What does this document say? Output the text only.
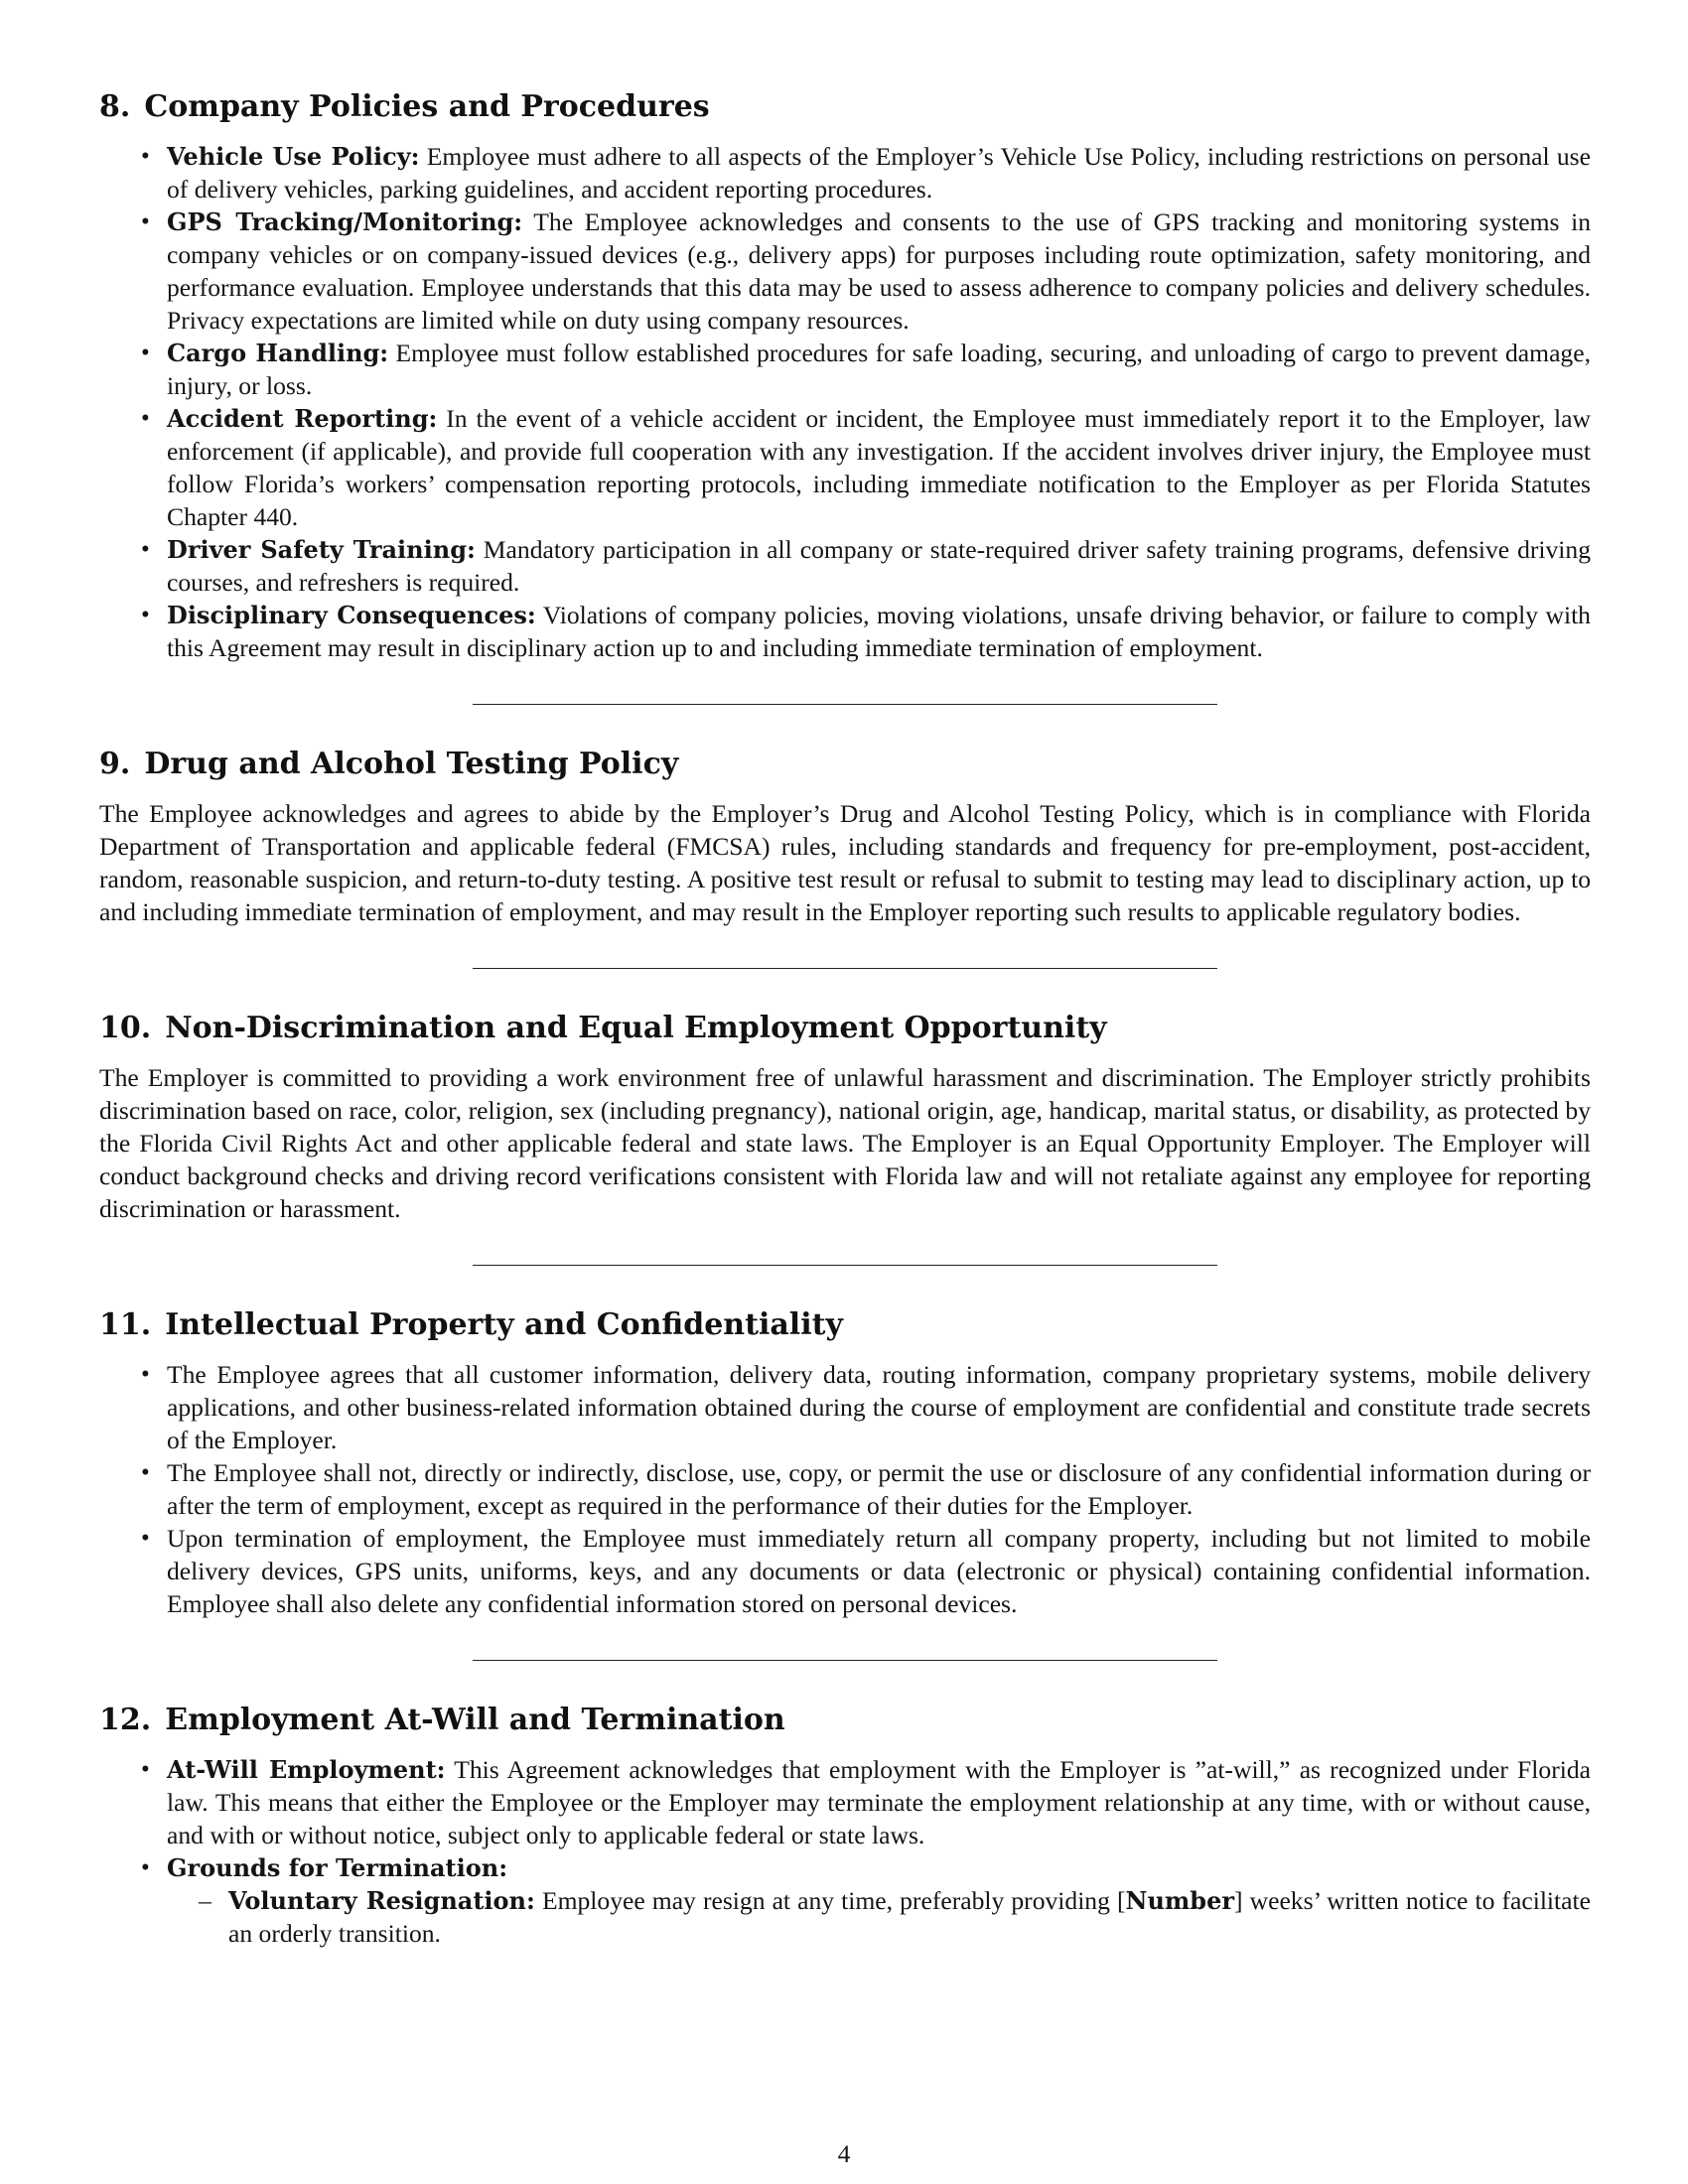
8. Company Policies and Procedures
• Vehicle Use Policy: Employee must adhere to all aspects of the Employer’s Vehicle Use Policy, including restrictions on personal use of delivery vehicles, parking guidelines, and accident reporting procedures.
• GPS Tracking/Monitoring: The Employee acknowledges and consents to the use of GPS tracking and monitoring systems in company vehicles or on company-issued devices (e.g., delivery apps) for purposes including route optimization, safety monitoring, and performance evaluation. Employee understands that this data may be used to assess adherence to company policies and delivery schedules. Privacy expectations are limited while on duty using company resources.
• Cargo Handling: Employee must follow established procedures for safe loading, securing, and unloading of cargo to prevent damage, injury, or loss.
• Accident Reporting: In the event of a vehicle accident or incident, the Employee must immediately report it to the Employer, law enforcement (if applicable), and provide full cooperation with any investigation. If the accident involves driver injury, the Employee must follow Florida’s workers’ compensation reporting protocols, including immediate notification to the Employer as per Florida Statutes Chapter 440.
• Driver Safety Training: Mandatory participation in all company or state-required driver safety training programs, defensive driving courses, and refreshers is required.
• Disciplinary Consequences: Violations of company policies, moving violations, unsafe driving behavior, or failure to comply with this Agreement may result in disciplinary action up to and including immediate termination of employment.
9. Drug and Alcohol Testing Policy

The Employee acknowledges and agrees to abide by the Employer’s Drug and Alcohol Testing Policy, which is in compliance with Florida Department of Transportation and applicable federal (FMCSA) rules, including standards and frequency for pre-employment, post-accident, random, reasonable suspicion, and return-to-duty testing. A positive test result or refusal to submit to testing may lead to disciplinary action, up to and including immediate termination of employment, and may result in the Employer reporting such results to applicable regulatory bodies.

10. Non-Discrimination and Equal Employment Opportunity

The Employer is committed to providing a work environment free of unlawful harassment and discrimination. The Employer strictly prohibits discrimination based on race, color, religion, sex (including pregnancy), national origin, age, handicap, marital status, or disability, as protected by the Florida Civil Rights Act and other applicable federal and state laws. The Employer is an Equal Opportunity Employer. The Employer will conduct background checks and driving record verifications consistent with Florida law and will not retaliate against any employee for reporting discrimination or harassment.

11. Intellectual Property and Confidentiality
• The Employee agrees that all customer information, delivery data, routing information, company proprietary systems, mobile delivery applications, and other business-related information obtained during the course of employment are confidential and constitute trade secrets of the Employer.
• The Employee shall not, directly or indirectly, disclose, use, copy, or permit the use or disclosure of any confidential information during or after the term of employment, except as required in the performance of their duties for the Employer.
• Upon termination of employment, the Employee must immediately return all company property, including but not limited to mobile delivery devices, GPS units, uniforms, keys, and any documents or data (electronic or physical) containing confidential information. Employee shall also delete any confidential information stored on personal devices.
12. Employment At-Will and Termination
• At-Will Employment: This Agreement acknowledges that employment with the Employer is ”at-will,” as recognized under Florida law. This means that either the Employee or the Employer may terminate the employment relationship at any time, with or without cause, and with or without notice, subject only to applicable federal or state laws.
• Grounds for Termination:
– Voluntary Resignation: Employee may resign at any time, preferably providing [Number] weeks’ written notice to facilitate an orderly transition.
4
